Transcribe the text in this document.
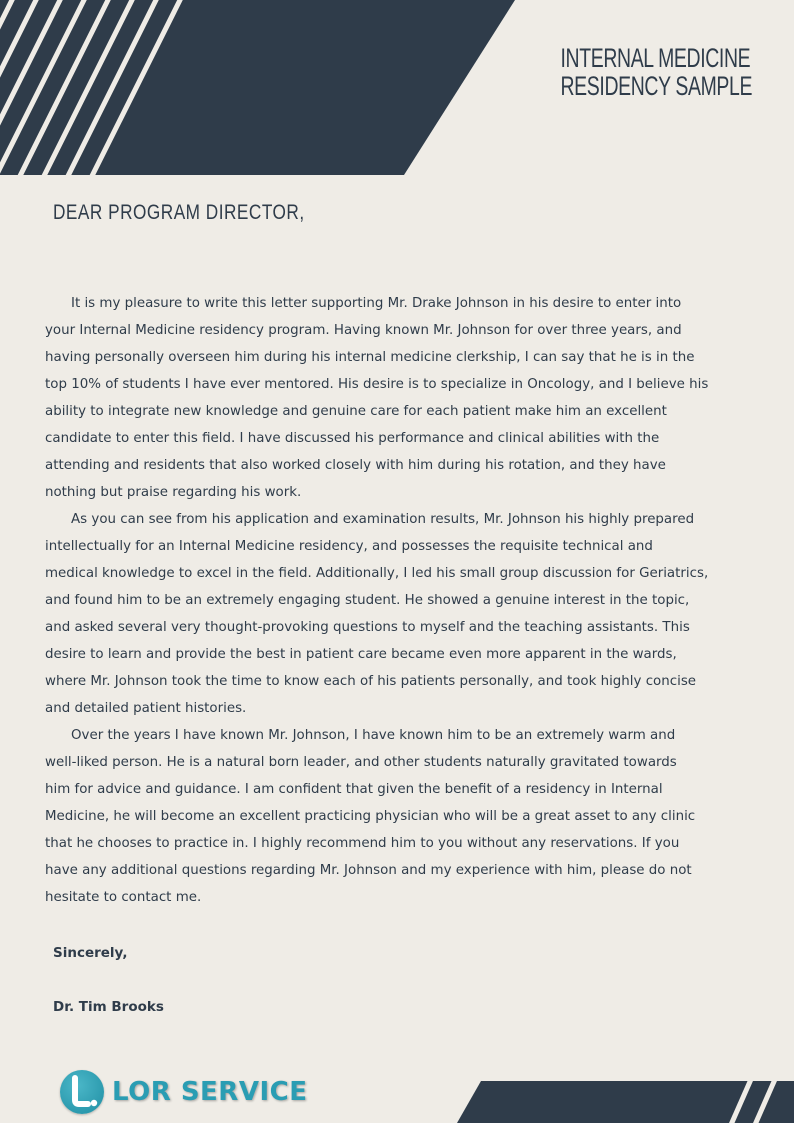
INTERNAL MEDICINE
RESIDENCY SAMPLE
DEAR PROGRAM DIRECTOR,
It is my pleasure to write this letter supporting Mr. Drake Johnson in his desire to enter into
your Internal Medicine residency program. Having known Mr. Johnson for over three years, and
having personally overseen him during his internal medicine clerkship, I can say that he is in the
top 10% of students I have ever mentored. His desire is to specialize in Oncology, and I believe his
ability to integrate new knowledge and genuine care for each patient make him an excellent
candidate to enter this field. I have discussed his performance and clinical abilities with the
attending and residents that also worked closely with him during his rotation, and they have
nothing but praise regarding his work.
As you can see from his application and examination results, Mr. Johnson his highly prepared
intellectually for an Internal Medicine residency, and possesses the requisite technical and
medical knowledge to excel in the field. Additionally, I led his small group discussion for Geriatrics,
and found him to be an extremely engaging student. He showed a genuine interest in the topic,
and asked several very thought-provoking questions to myself and the teaching assistants. This
desire to learn and provide the best in patient care became even more apparent in the wards,
where Mr. Johnson took the time to know each of his patients personally, and took highly concise
and detailed patient histories.
Over the years I have known Mr. Johnson, I have known him to be an extremely warm and
well-liked person. He is a natural born leader, and other students naturally gravitated towards
him for advice and guidance. I am confident that given the benefit of a residency in Internal
Medicine, he will become an excellent practicing physician who will be a great asset to any clinic
that he chooses to practice in. I highly recommend him to you without any reservations. If you
have any additional questions regarding Mr. Johnson and my experience with him, please do not
hesitate to contact me.
Sincerely,
Dr. Tim Brooks
LOR SERVICE
